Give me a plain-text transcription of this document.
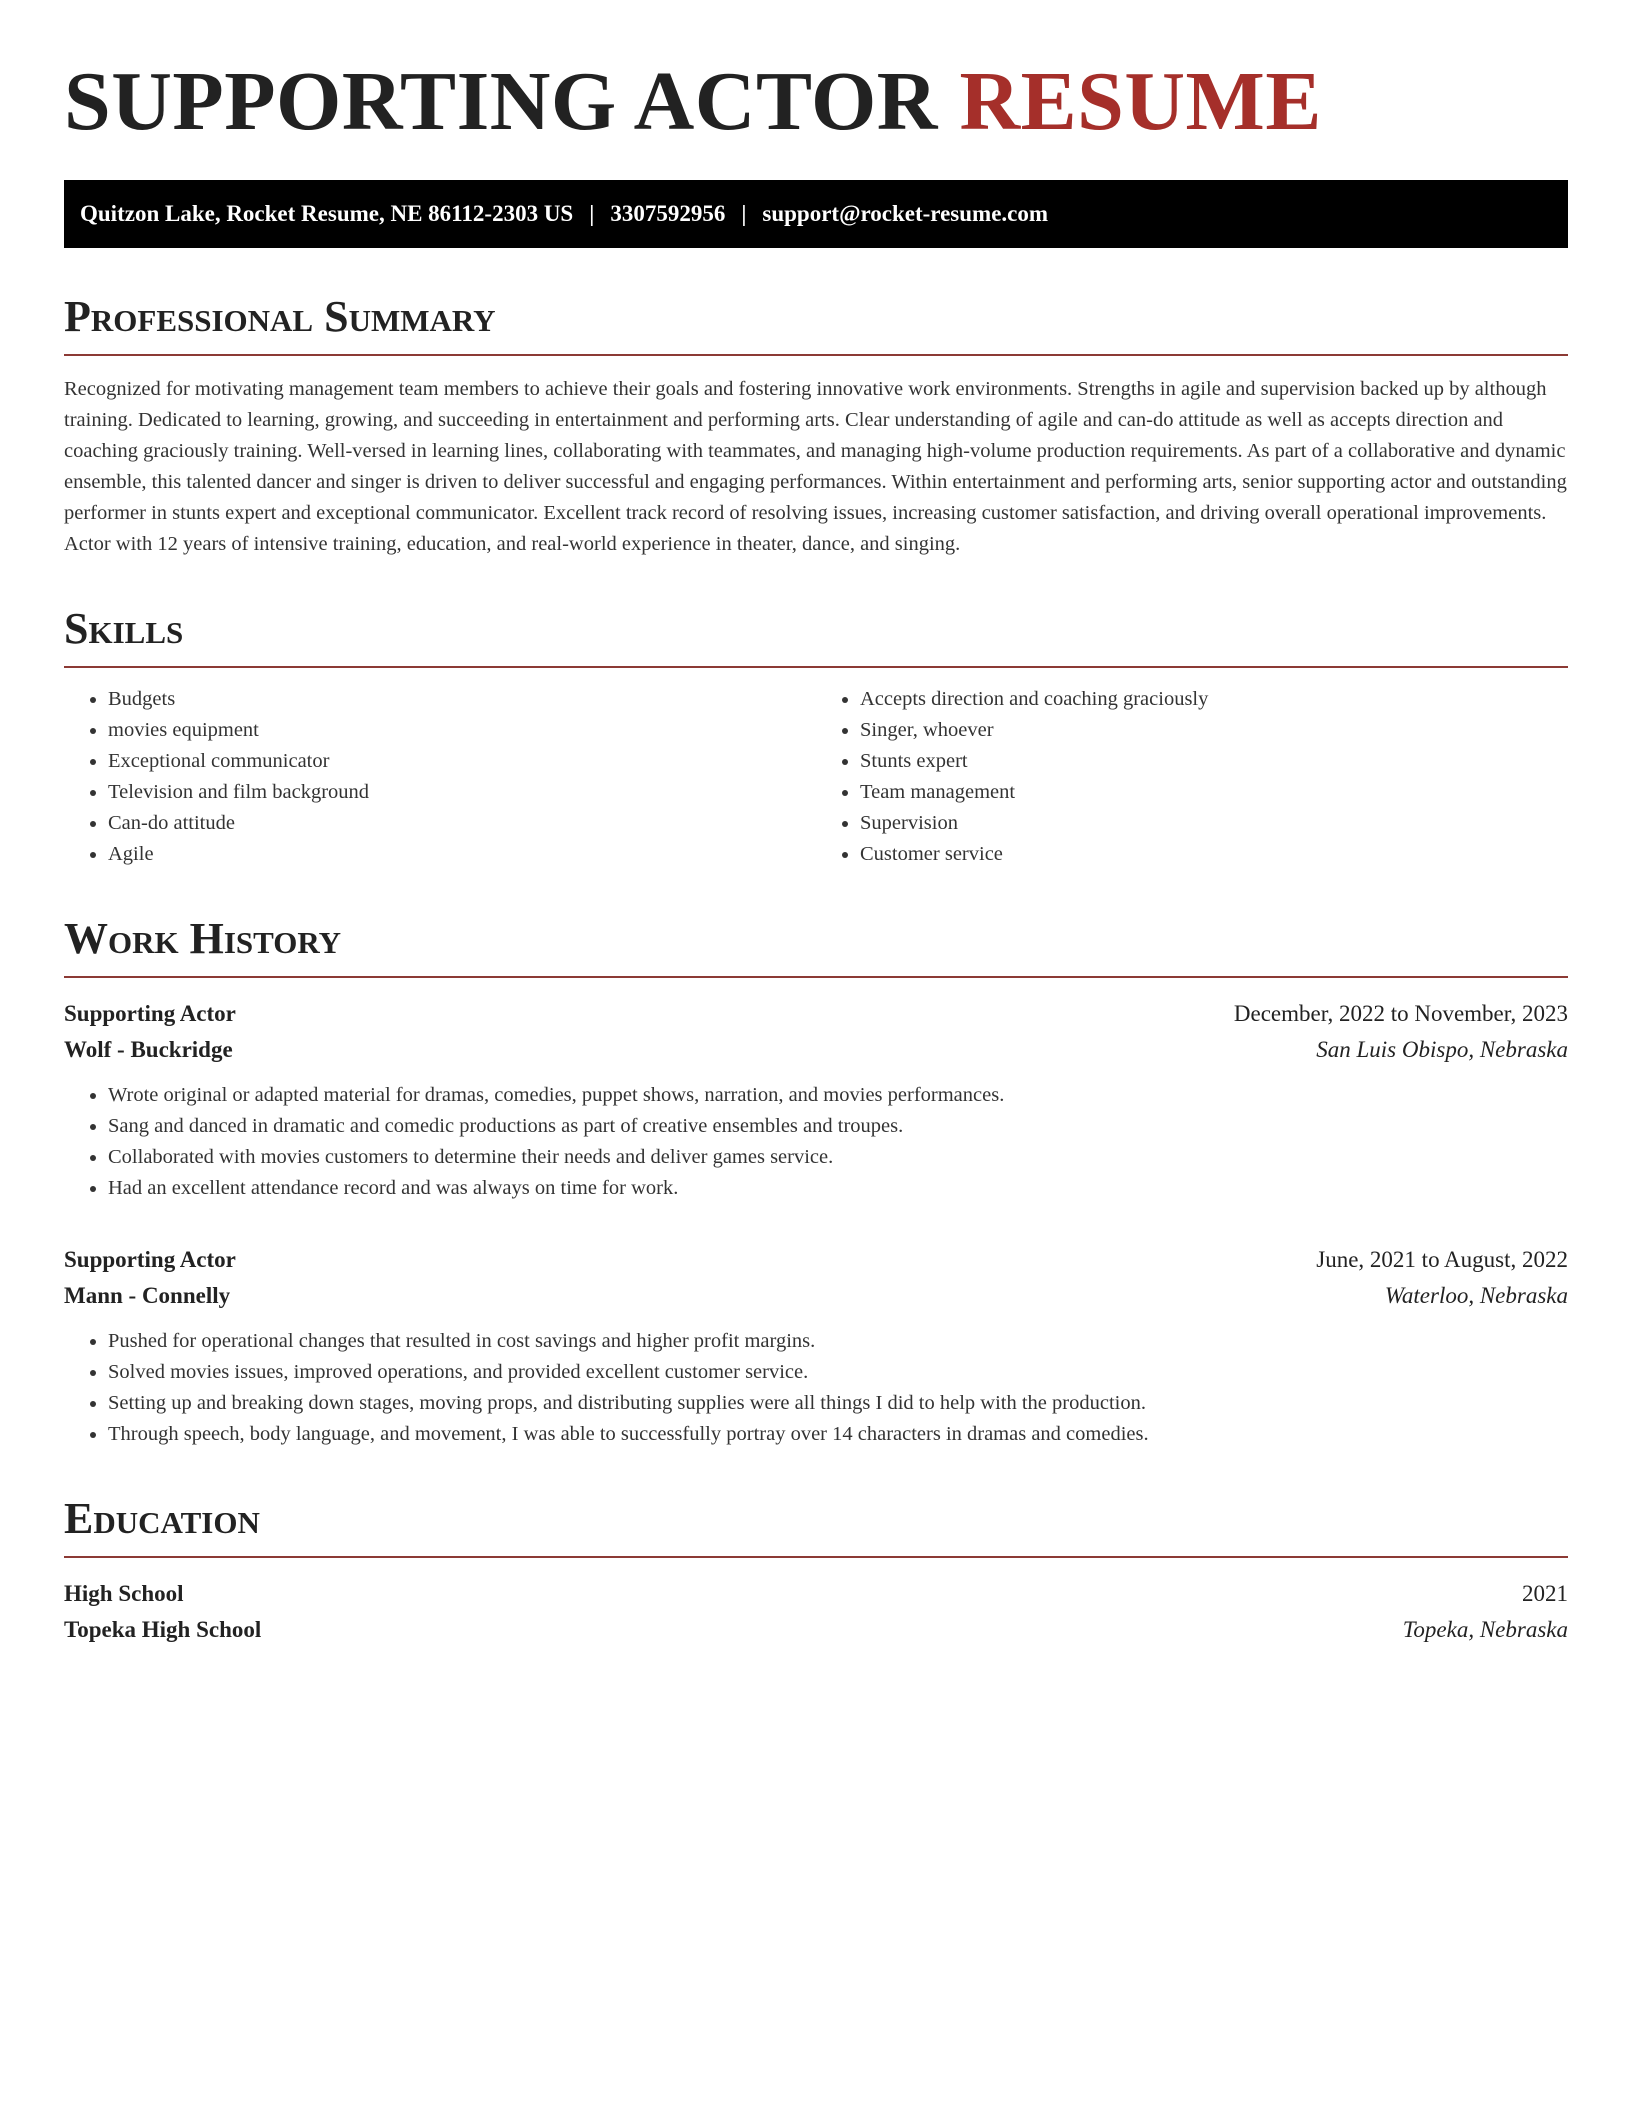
SUPPORTING ACTOR RESUME
Quitzon Lake, Rocket Resume, NE 86112-2303 US | 3307592956 | support@rocket-resume.com
Professional Summary

Recognized for motivating management team members to achieve their goals and fostering innovative work environments. Strengths in agile and supervision backed up by although training. Dedicated to learning, growing, and succeeding in entertainment and performing arts. Clear understanding of agile and can-do attitude as well as accepts direction and coaching graciously training. Well-versed in learning lines, collaborating with teammates, and managing high-volume production requirements. As part of a collaborative and dynamic ensemble, this talented dancer and singer is driven to deliver successful and engaging performances. Within entertainment and performing arts, senior supporting actor and outstanding performer in stunts expert and exceptional communicator. Excellent track record of resolving issues, increasing customer satisfaction, and driving overall operational improvements. Actor with 12 years of intensive training, education, and real-world experience in theater, dance, and singing.

Skills
• Budgets
• movies equipment
• Exceptional communicator
• Television and film background
• Can-do attitude
• Agile
• Accepts direction and coaching graciously
• Singer, whoever
• Stunts expert
• Team management
• Supervision
• Customer service
Work History
Supporting Actor	December, 2022 to November, 2023
Wolf - Buckridge	San Luis Obispo, Nebraska
• Wrote original or adapted material for dramas, comedies, puppet shows, narration, and movies performances.
• Sang and danced in dramatic and comedic productions as part of creative ensembles and troupes.
• Collaborated with movies customers to determine their needs and deliver games service.
• Had an excellent attendance record and was always on time for work.
Supporting Actor	June, 2021 to August, 2022
Mann - Connelly	Waterloo, Nebraska
• Pushed for operational changes that resulted in cost savings and higher profit margins.
• Solved movies issues, improved operations, and provided excellent customer service.
• Setting up and breaking down stages, moving props, and distributing supplies were all things I did to help with the production.
• Through speech, body language, and movement, I was able to successfully portray over 14 characters in dramas and comedies.
Education
High School	2021
Topeka High School	Topeka, Nebraska
